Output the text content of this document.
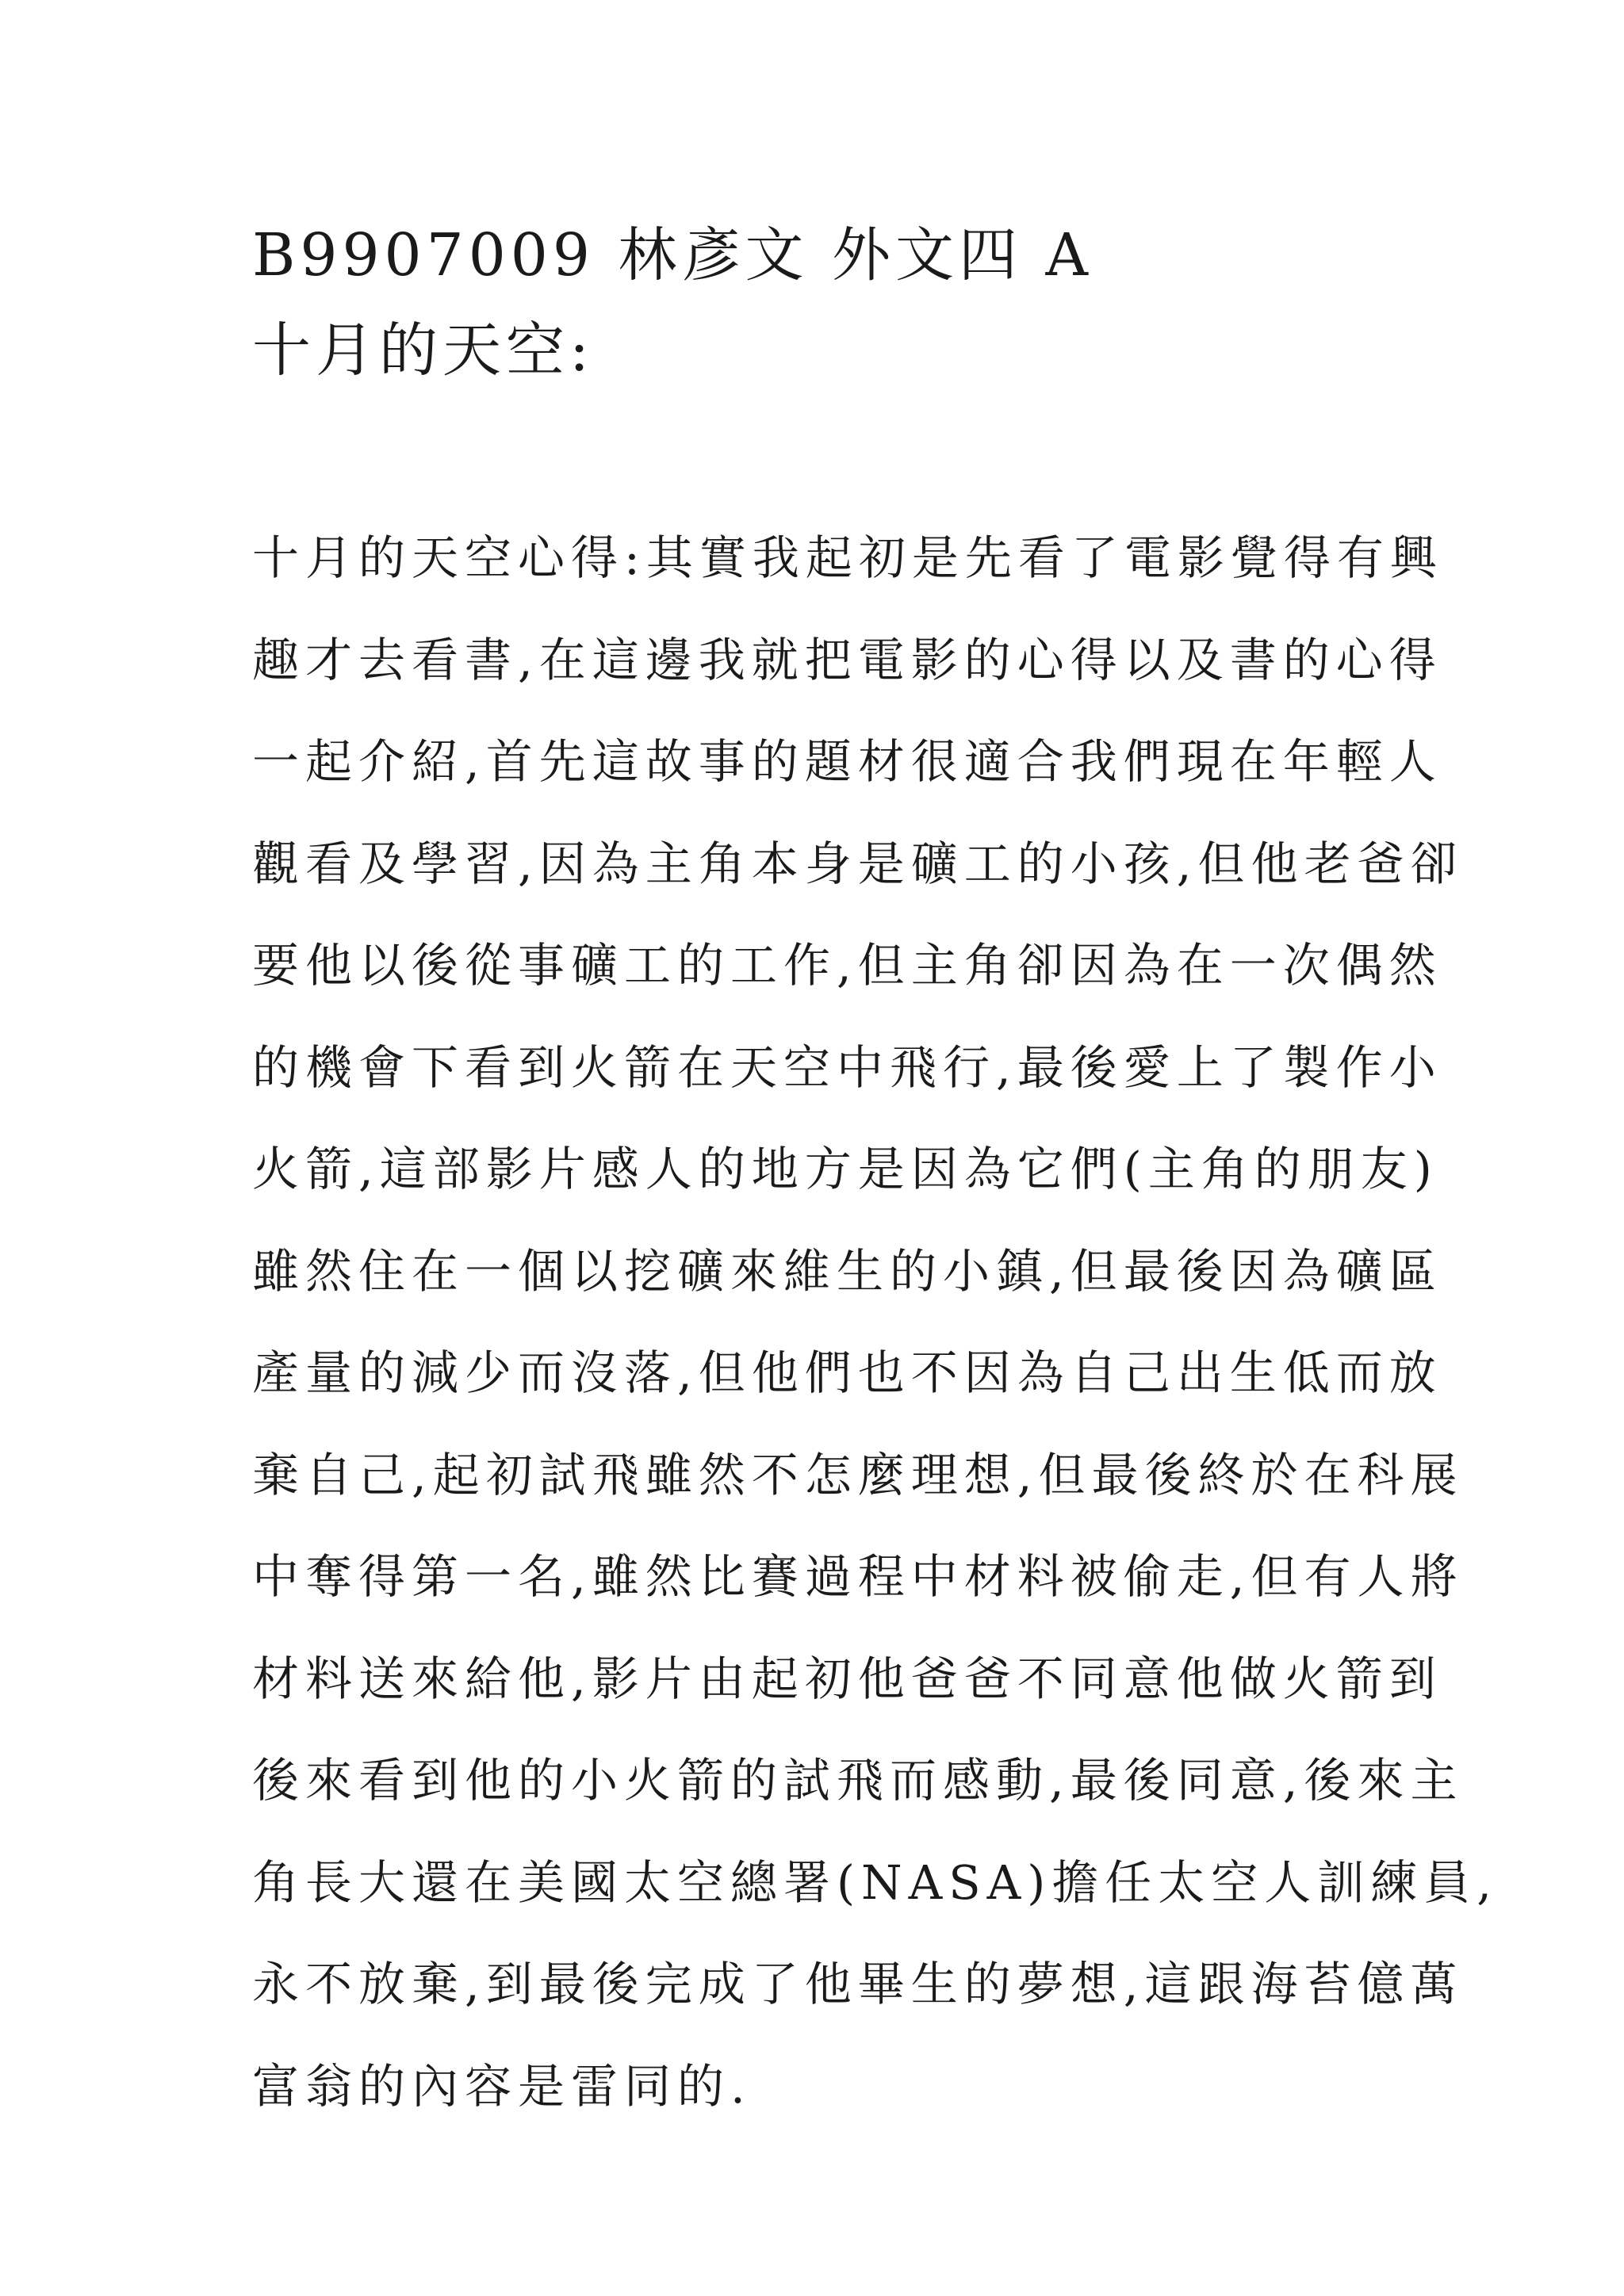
B9907009 林彥文 外文四 A
十月的天空:
十月的天空心得:其實我起初是先看了電影覺得有興
趣才去看書,在這邊我就把電影的心得以及書的心得
一起介紹,首先這故事的題材很適合我們現在年輕人
觀看及學習,因為主角本身是礦工的小孩,但他老爸卻
要他以後從事礦工的工作,但主角卻因為在一次偶然
的機會下看到火箭在天空中飛行,最後愛上了製作小
火箭,這部影片感人的地方是因為它們(主角的朋友)
雖然住在一個以挖礦來維生的小鎮,但最後因為礦區
產量的減少而沒落,但他們也不因為自己出生低而放
棄自己,起初試飛雖然不怎麼理想,但最後終於在科展
中奪得第一名,雖然比賽過程中材料被偷走,但有人將
材料送來給他,影片由起初他爸爸不同意他做火箭到
後來看到他的小火箭的試飛而感動,最後同意,後來主
角長大還在美國太空總署(NASA)擔任太空人訓練員,
永不放棄,到最後完成了他畢生的夢想,這跟海苔億萬
富翁的內容是雷同的.
